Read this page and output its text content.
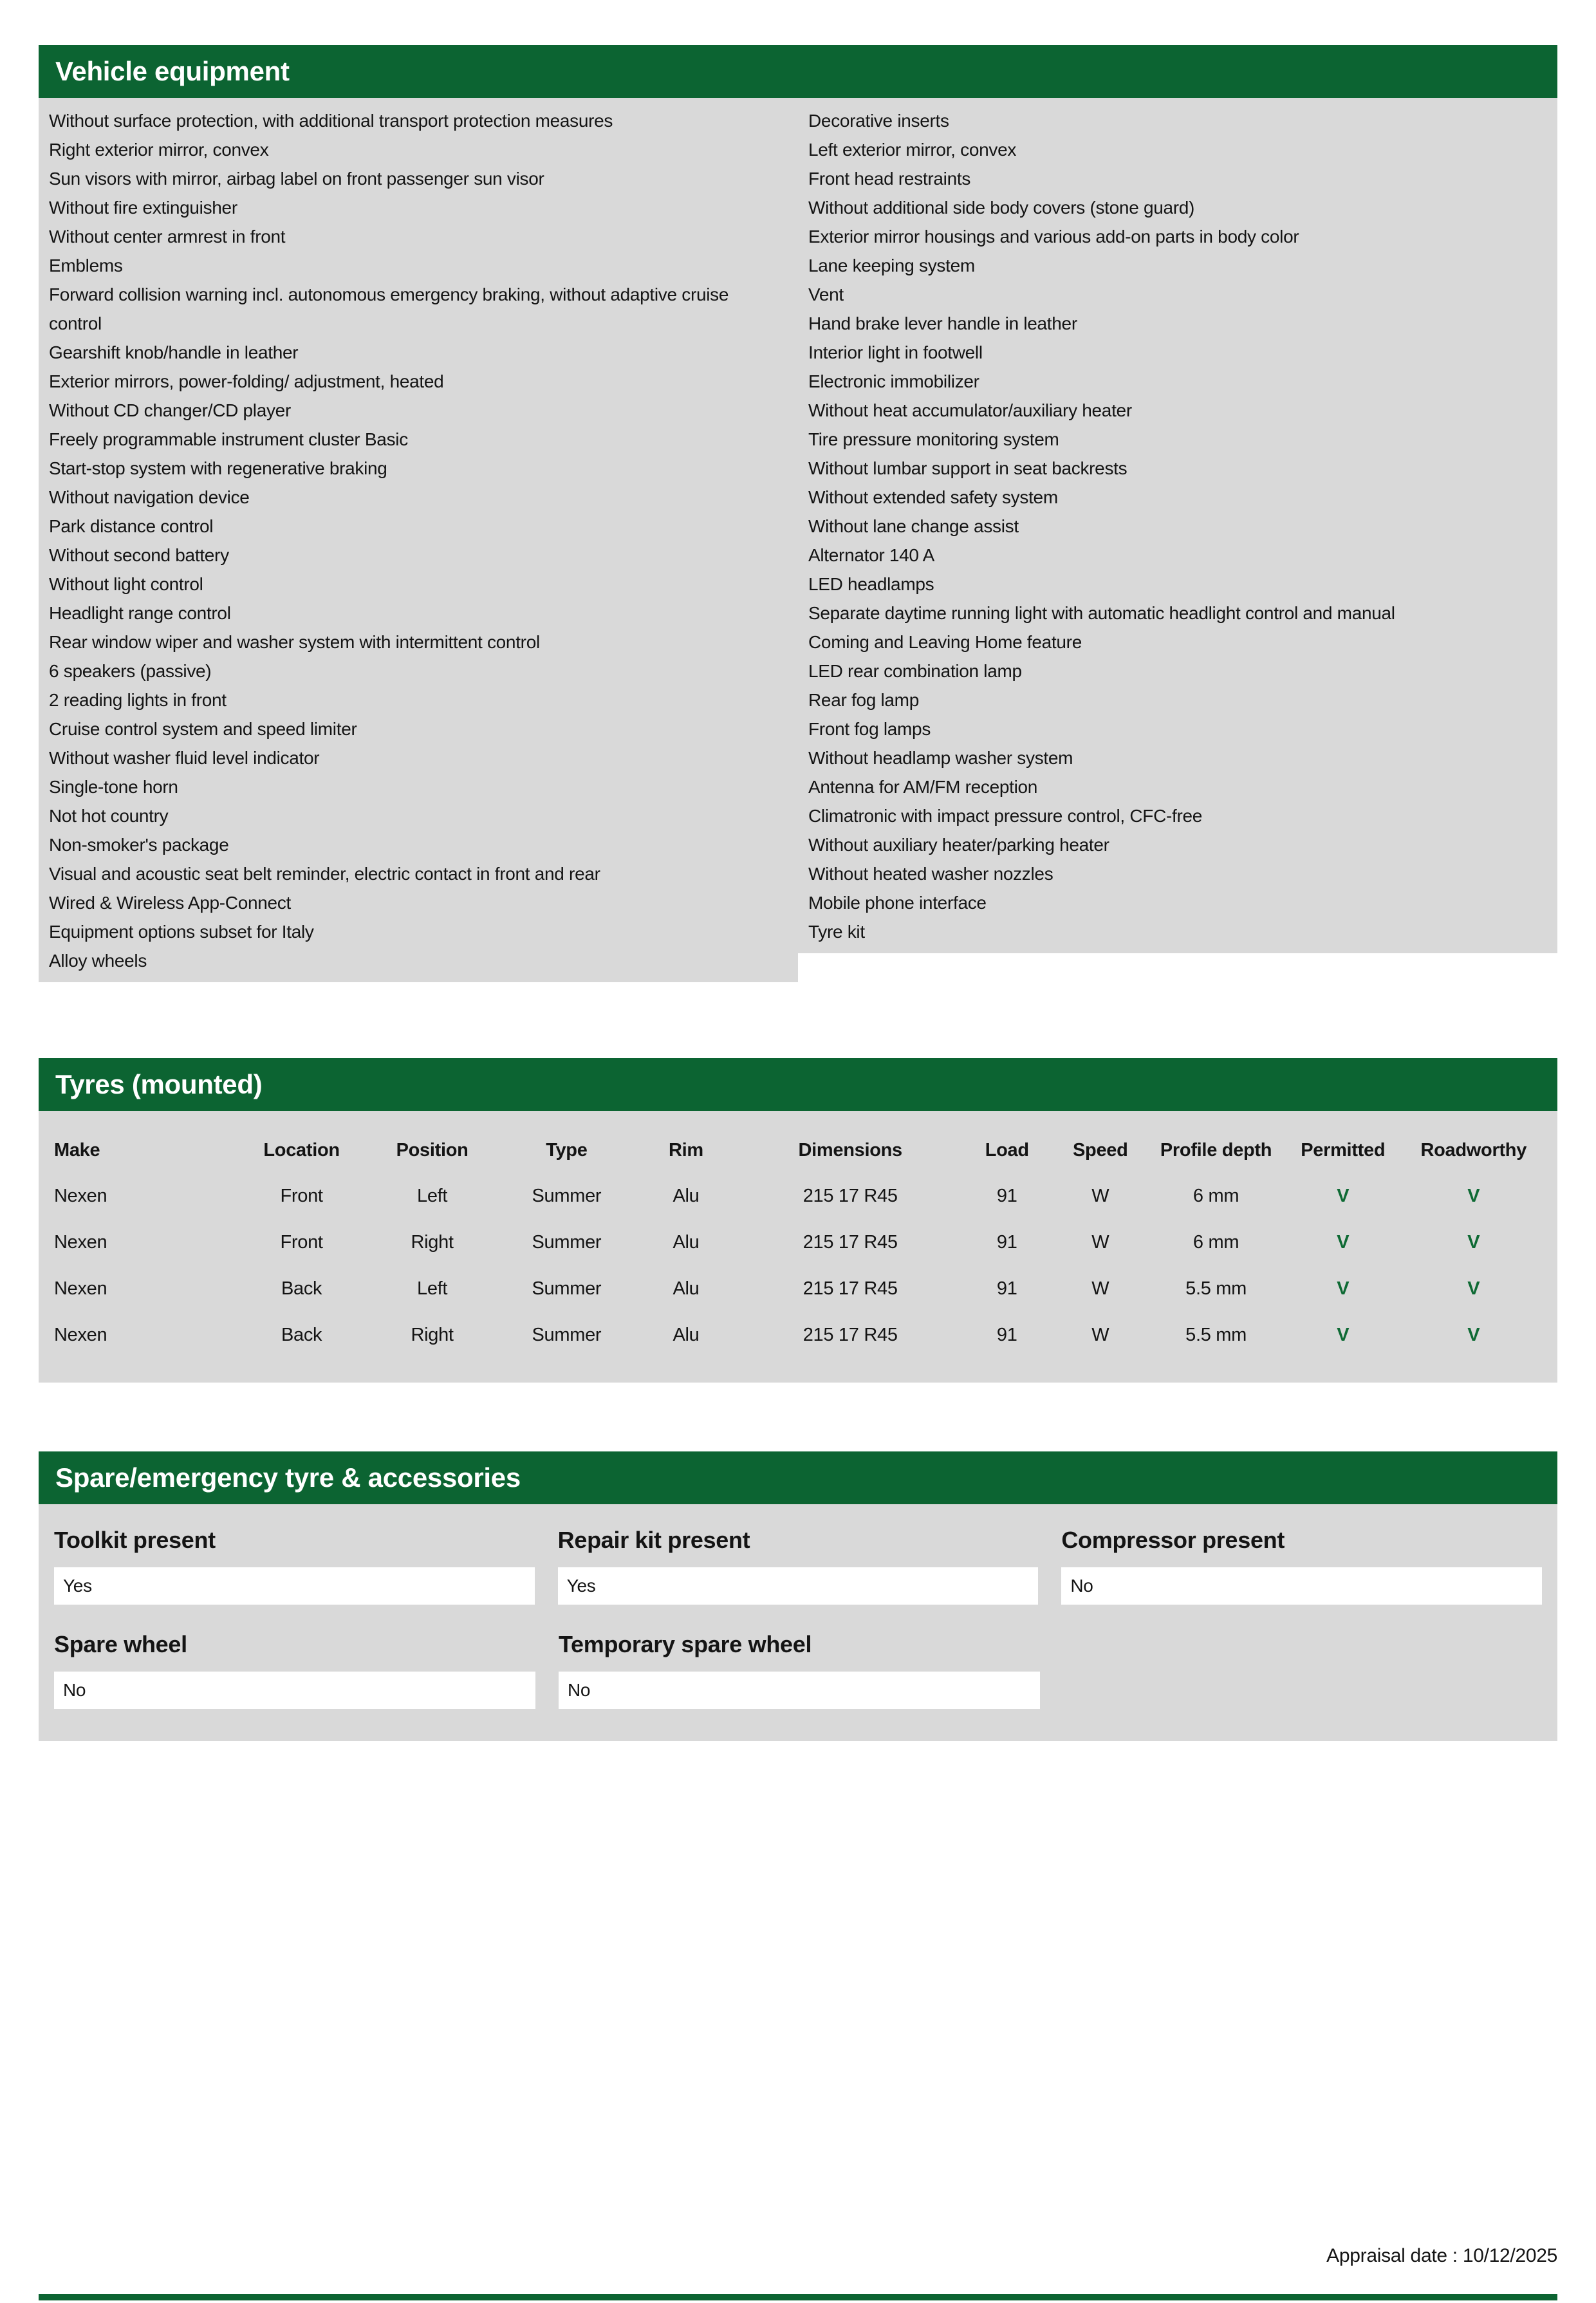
Vehicle equipment
Without surface protection, with additional transport protection measures
Right exterior mirror, convex
Sun visors with mirror, airbag label on front passenger sun visor
Without fire extinguisher
Without center armrest in front
Emblems
Forward collision warning incl. autonomous emergency braking, without adaptive cruise control
Gearshift knob/handle in leather
Exterior mirrors, power-folding/ adjustment, heated
Without CD changer/CD player
Freely programmable instrument cluster Basic
Start-stop system with regenerative braking
Without navigation device
Park distance control
Without second battery
Without light control
Headlight range control
Rear window wiper and washer system with intermittent control
6 speakers (passive)
2 reading lights in front
Cruise control system and speed limiter
Without washer fluid level indicator
Single-tone horn
Not hot country
Non-smoker's package
Visual and acoustic seat belt reminder, electric contact in front and rear
Wired & Wireless App-Connect
Equipment options subset for Italy
Alloy wheels
Decorative inserts
Left exterior mirror, convex
Front head restraints
Without additional side body covers (stone guard)
Exterior mirror housings and various add-on parts in body color
Lane keeping system
Vent
Hand brake lever handle in leather
Interior light in footwell
Electronic immobilizer
Without heat accumulator/auxiliary heater
Tire pressure monitoring system
Without lumbar support in seat backrests
Without extended safety system
Without lane change assist
Alternator 140 A
LED headlamps
Separate daytime running light with automatic headlight control and manual
Coming and Leaving Home feature
LED rear combination lamp
Rear fog lamp
Front fog lamps
Without headlamp washer system
Antenna for AM/FM reception
Climatronic with impact pressure control, CFC-free
Without auxiliary heater/parking heater
Without heated washer nozzles
Mobile phone interface
Tyre kit
Tyres (mounted)
Make	Location	Position	Type	Rim	Dimensions	Load	Speed	Profile depth	Permitted	Roadworthy
Nexen	Front	Left	Summer	Alu	215 17 R45	91	W	6 mm	V	V
Nexen	Front	Right	Summer	Alu	215 17 R45	91	W	6 mm	V	V
Nexen	Back	Left	Summer	Alu	215 17 R45	91	W	5.5 mm	V	V
Nexen	Back	Right	Summer	Alu	215 17 R45	91	W	5.5 mm	V	V
Spare/emergency tyre & accessories
Toolkit present
Yes
Repair kit present
Yes
Compressor present
No
Spare wheel
No
Temporary spare wheel
No
Appraisal date : 10/12/2025
